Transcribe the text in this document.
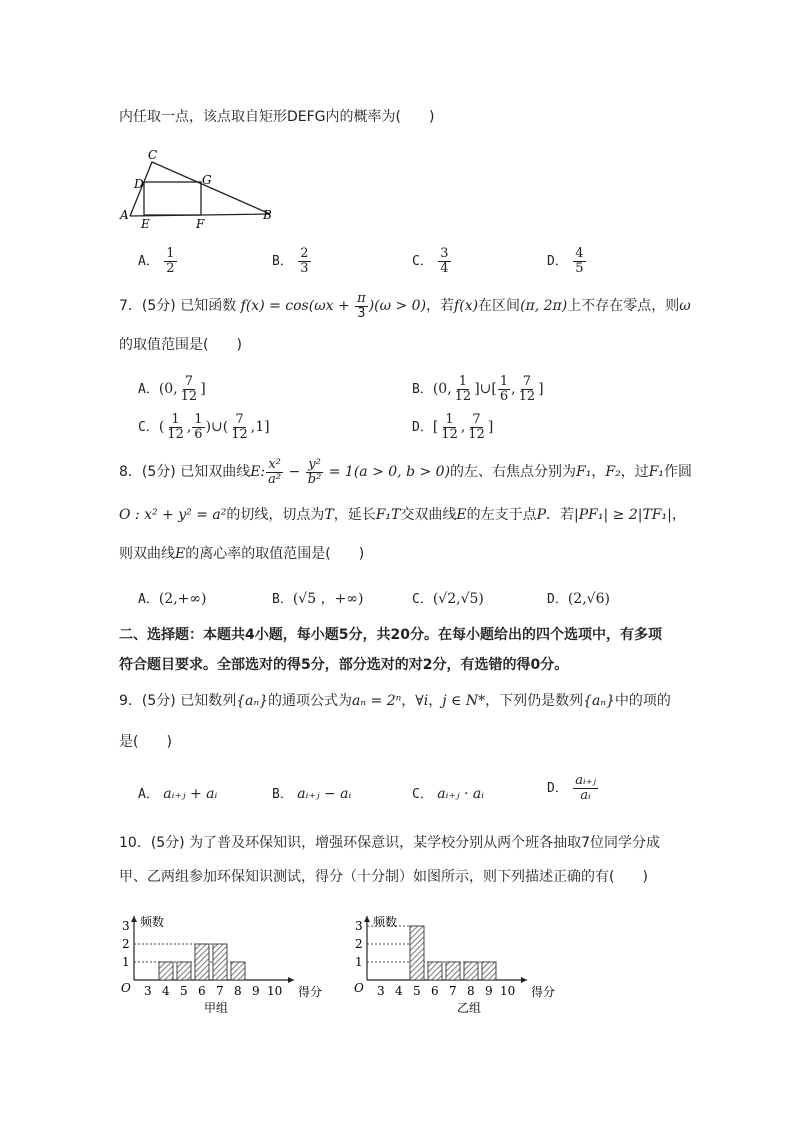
内任取一点，该点取自矩形DEFG内的概率为(　　)
C
D	G
A
E	F
B
A． $\frac{1}{2}$	B． $\frac{2}{3}$	C． $\frac{3}{4}$	D． $\frac{4}{5}$
7．(5分) 已知函数 $f(x) = \cos(\omega x + \frac{\pi}{3} )(\omega > 0)$，若f(x)在区间(π, 2π)上不存在零点，则ω
的取值范围是(　　)
A．(0, $\frac{7}{12}$ ]	B．(0, $\frac{1}{12}$ ]∪[ $\frac{1}{6}$ , $\frac{7}{12}$ ]
C．( $\frac{1}{12}$ , $\frac{1}{6}$ )∪( $\frac{7}{12} ,1$]	D．[ $\frac{1}{12}$ , $\frac{7}{12}$ ]
8．(5分) 已知双曲线E: $\frac{\text{x²}}{\text{a²}} - \frac{\text{y²}}{\text{b²}} = 1(a > 0$, b > 0)的左、右焦点分别为F₁，F₂，过F₁作圆
O : x² + y² = a²的切线，切点为T，延长F₁T交双曲线E的左支于点P．若|PF₁| ≥ 2|TF₁|，
则双曲线E的离心率的取值范围是(　　)
A．(2,+∞)	B．(√5 ，+∞)	C．(√2,√5)	D．(2,√6)
二、选择题：本题共4小题，每小题5分，共20分。在每小题给出的四个选项中，有多项
符合题目要求。全部选对的得5分，部分选对的对2分，有选错的得0分。
9．(5分) 已知数列{aₙ}的通项公式为aₙ = 2ⁿ，∀i，j ∈ N*，下列仍是数列{aₙ}中的项的
是(　　)
A． aᵢ₊ⱼ + aᵢ	B． aᵢ₊ⱼ − aᵢ	C． aᵢ₊ⱼ · aᵢ	D． $\frac{\text{aᵢ₊ⱼ}}{\text{aᵢ}}$
10．(5分) 为了普及环保知识，增强环保意识，某学校分别从两个班各抽取7位同学分成
甲、乙两组参加环保知识测试，得分（十分制）如图所示，则下列描述正确的有(　　)
1
2
3
3 4 5 6 7 8 9 10
O
频数
得分
甲组
1
2
3
3 4 5 6 7 8 9 10
O
频数
得分
乙组
